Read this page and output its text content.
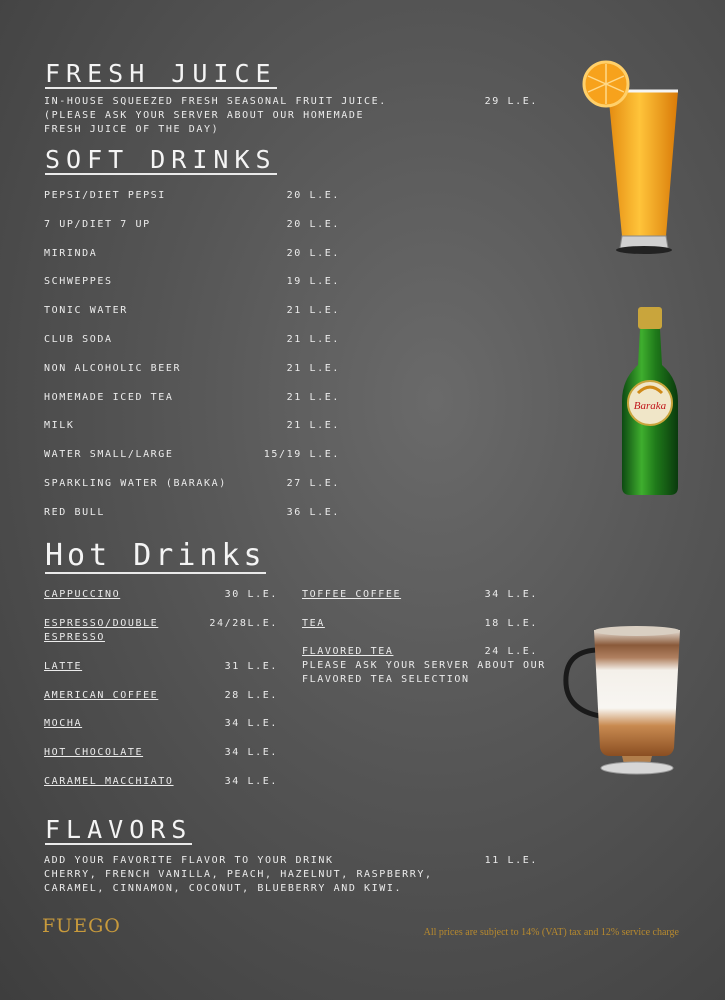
FRESH JUICE
IN-HOUSE SQUEEZED FRESH SEASONAL FRUIT JUICE.
(PLEASE ASK YOUR SERVER ABOUT OUR HOMEMADE
FRESH JUICE OF THE DAY)
29 L.E.
SOFT DRINKS
PEPSI/DIET PEPSI	20 L.E.
7 UP/DIET 7 UP	20 L.E.
MIRINDA	20 L.E.
SCHWEPPES	19 L.E.
TONIC WATER	21 L.E.
CLUB SODA	21 L.E.
NON ALCOHOLIC BEER	21 L.E.
HOMEMADE ICED TEA	21 L.E.
MILK	21 L.E.
WATER SMALL/LARGE	15/19 L.E.
SPARKLING WATER (BARAKA)	27 L.E.
RED BULL	36 L.E.
Baraka
Hot Drinks
CAPPUCCINO	30 L.E.
ESPRESSO/DOUBLE
ESPRESSO
24/28L.E.
LATTE	31 L.E.
AMERICAN COFFEE	28 L.E.
MOCHA	34 L.E.
HOT CHOCOLATE	34 L.E.
CARAMEL MACCHIATO	34 L.E.
TOFFEE COFFEE	34 L.E.
TEA	18 L.E.
FLAVORED TEA	24 L.E.
PLEASE ASK YOUR SERVER ABOUT OUR
FLAVORED TEA SELECTION
FLAVORS
ADD YOUR FAVORITE FLAVOR TO YOUR DRINK
CHERRY, FRENCH VANILLA, PEACH, HAZELNUT, RASPBERRY,
CARAMEL, CINNAMON, COCONUT, BLUEBERRY AND KIWI.
11 L.E.
FUEGO	All prices are subject to 14% (VAT) tax and 12% service charge
